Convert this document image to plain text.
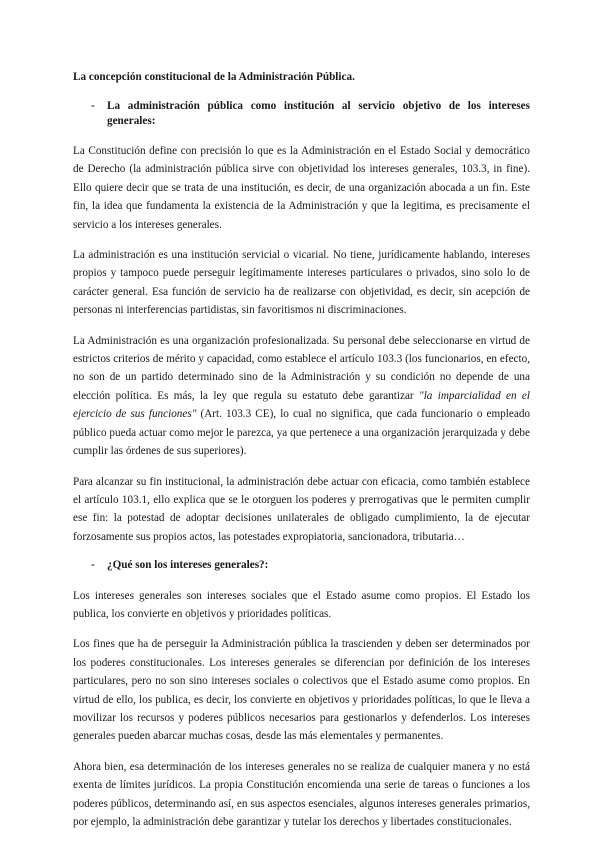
La concepción constitucional de la Administración Pública.
-	La administración pública como institución al servicio objetivo de los intereses generales:

La Constitución define con precisión lo que es la Administración en el Estado Social y democrático de Derecho (la administración pública sirve con objetividad los intereses generales, 103.3, in fine). Ello quiere decir que se trata de una institución, es decir, de una organización abocada a un fin. Este fin, la idea que fundamenta la existencia de la Administración y que la legitima, es precisamente el servicio a los intereses generales.

La administración es una institución servicial o vicarial. No tiene, jurídicamente hablando, intereses propios y tampoco puede perseguir legítimamente intereses particulares o privados, sino solo lo de carácter general. Esa función de servicio ha de realizarse con objetividad, es decir, sin acepción de personas ni interferencias partidistas, sin favoritismos ni discriminaciones.

La Administración es una organización profesionalizada. Su personal debe seleccionarse en virtud de estrictos criterios de mérito y capacidad, como establece el artículo 103.3 (los funcionarios, en efecto, no son de un partido determinado sino de la Administración y su condición no depende de una elección política. Es más, la ley que regula su estatuto debe garantizar "la imparcialidad en el ejercicio de sus funciones" (Art. 103.3 CE), lo cual no significa, que cada funcionario o empleado público pueda actuar como mejor le parezca, ya que pertenece a una organización jerarquizada y debe cumplir las órdenes de sus superiores).

Para alcanzar su fin institucional, la administración debe actuar con eficacia, como también establece el artículo 103.1, ello explica que se le otorguen los poderes y prerrogativas que le permiten cumplir ese fin: la potestad de adoptar decisiones unilaterales de obligado cumplimiento, la de ejecutar forzosamente sus propios actos, las potestades expropiatoria, sancionadora, tributaria…

-	¿Qué son los intereses generales?:

Los intereses generales son intereses sociales que el Estado asume como propios. El Estado los publica, los convierte en objetivos y prioridades políticas.

Los fines que ha de perseguir la Administración pública la trascienden y deben ser determinados por los poderes constitucionales. Los intereses generales se diferencian por definición de los intereses particulares, pero no son sino intereses sociales o colectivos que el Estado asume como propios. En virtud de ello, los publica, es decir, los convierte en objetivos y prioridades políticas, lo que le lleva a movilizar los recursos y poderes públicos necesarios para gestionarlos y defenderlos. Los intereses generales pueden abarcar muchas cosas, desde las más elementales y permanentes.

Ahora bien, esa determinación de los intereses generales no se realiza de cualquier manera y no está exenta de límites jurídicos. La propia Constitución encomienda una serie de tareas o funciones a los poderes públicos, determinando así, en sus aspectos esenciales, algunos intereses generales primarios, por ejemplo, la administración debe garantizar y tutelar los derechos y libertades constitucionales.
